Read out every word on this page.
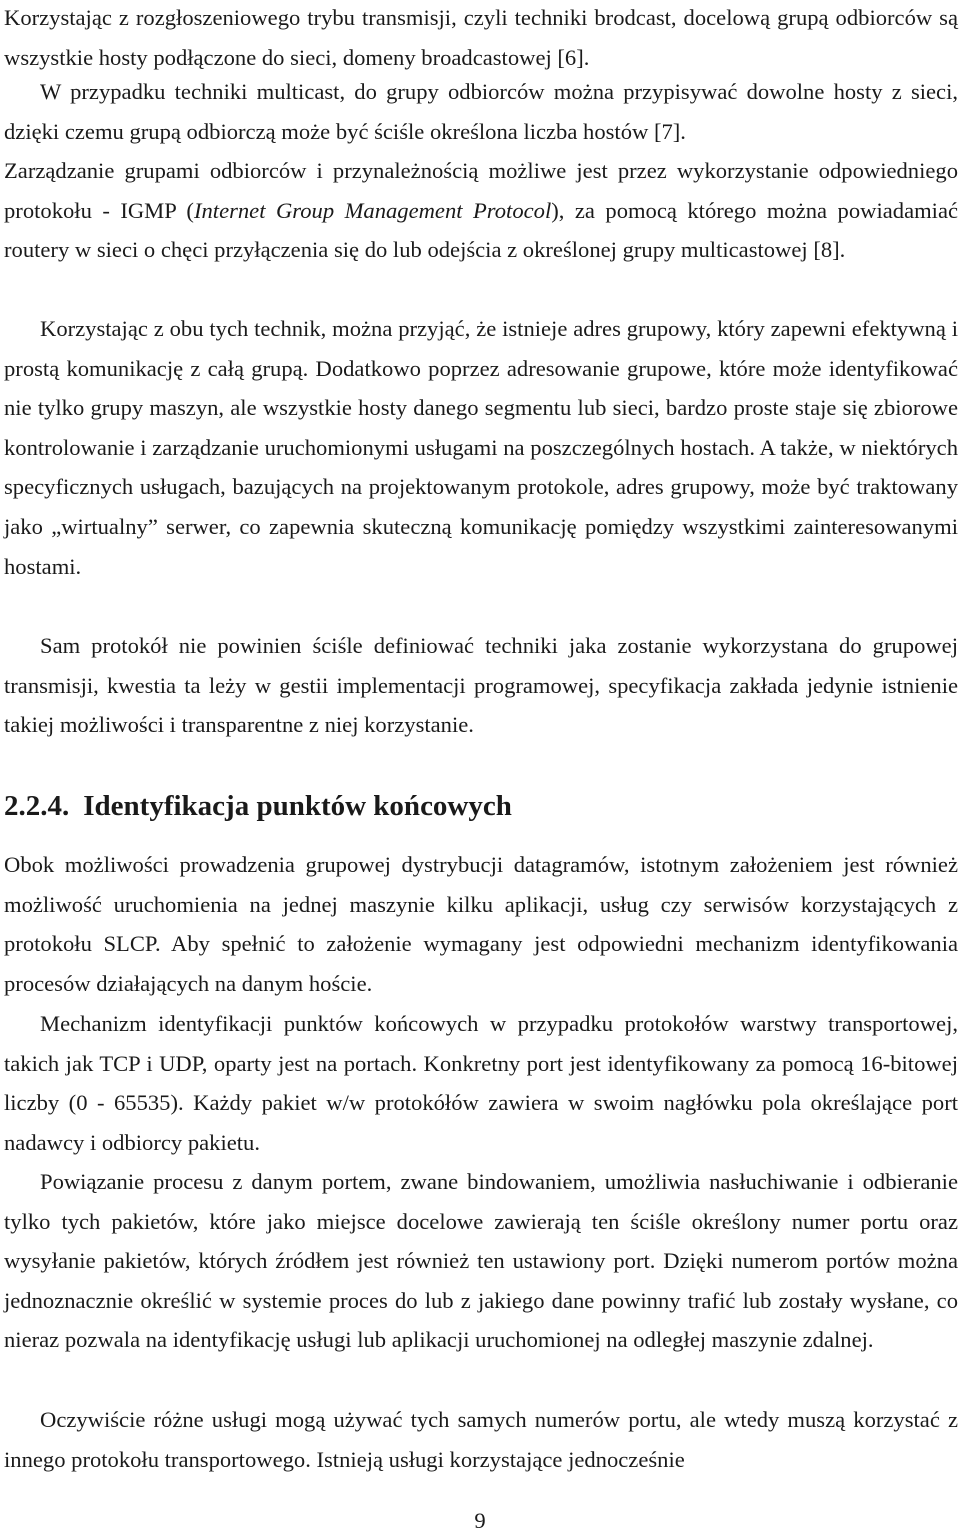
Korzystając z rozgłoszeniowego trybu transmisji, czyli techniki brodcast, docelową grupą odbiorców są wszystkie hosty podłączone do sieci, domeny broadcastowej [6].

W przypadku techniki multicast, do grupy odbiorców można przypisywać dowolne hosty z sieci, dzięki czemu grupą odbiorczą może być ściśle określona liczba hostów [7].

Zarządzanie grupami odbiorców i przynależnością możliwe jest przez wykorzystanie odpowiedniego protokołu - IGMP (Internet Group Management Protocol), za pomocą którego można powiadamiać routery w sieci o chęci przyłączenia się do lub odejścia z określonej grupy multicastowej [8].

Korzystając z obu tych technik, można przyjąć, że istnieje adres grupowy, który zapewni efektywną i prostą komunikację z całą grupą. Dodatkowo poprzez adresowanie grupowe, które może identyfikować nie tylko grupy maszyn, ale wszystkie hosty danego segmentu lub sieci, bardzo proste staje się zbiorowe kontrolowanie i zarządzanie uruchomionymi usługami na poszczególnych hostach. A także, w niektórych specyficznych usługach, bazujących na projektowanym protokole, adres grupowy, może być traktowany jako „wirtualny” serwer, co zapewnia skuteczną komunikację pomiędzy wszystkimi zainteresowanymi hostami.

Sam protokół nie powinien ściśle definiować techniki jaka zostanie wykorzystana do grupowej transmisji, kwestia ta leży w gestii implementacji programowej, specyfikacja zakłada jedynie istnienie takiej możliwości i transparentne z niej korzystanie.

2.2.4. Identyfikacja punktów końcowych

Obok możliwości prowadzenia grupowej dystrybucji datagramów, istotnym założeniem jest również możliwość uruchomienia na jednej maszynie kilku aplikacji, usług czy serwisów korzystających z protokołu SLCP. Aby spełnić to założenie wymagany jest odpowiedni mechanizm identyfikowania procesów działających na danym hoście.

Mechanizm identyfikacji punktów końcowych w przypadku protokołów warstwy transportowej, takich jak TCP i UDP, oparty jest na portach. Konkretny port jest identyfikowany za pomocą 16-bitowej liczby (0 - 65535). Każdy pakiet w/w protokółów zawiera w swoim nagłówku pola określające port nadawcy i odbiorcy pakietu.

Powiązanie procesu z danym portem, zwane bindowaniem, umożliwia nasłuchiwanie i odbieranie tylko tych pakietów, które jako miejsce docelowe zawierają ten ściśle określony numer portu oraz wysyłanie pakietów, których źródłem jest również ten ustawiony port. Dzięki numerom portów można jednoznacznie określić w systemie proces do lub z jakiego dane powinny trafić lub zostały wysłane, co nieraz pozwala na identyfikację usługi lub aplikacji uruchomionej na odległej maszynie zdalnej.

Oczywiście różne usługi mogą używać tych samych numerów portu, ale wtedy muszą korzystać z innego protokołu transportowego. Istnieją usługi korzystające jednocześnie

9
